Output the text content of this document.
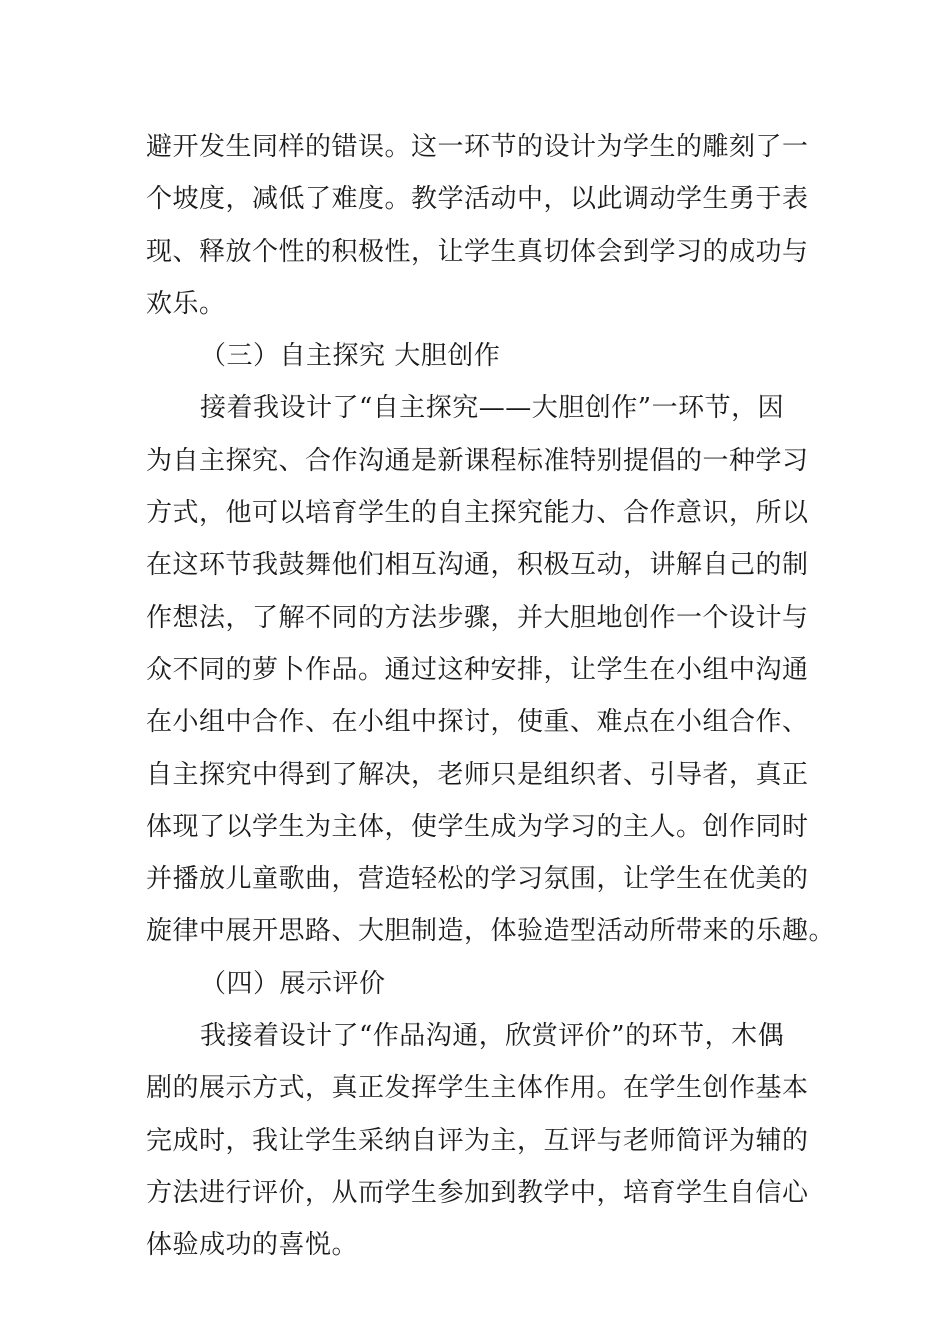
避开发生同样的错误。这一环节的设计为学生的雕刻了一
个坡度，减低了难度。教学活动中，以此调动学生勇于表
现、释放个性的积极性，让学生真切体会到学习的成功与
欢乐。
（三）自主探究 大胆创作
接着我设计了“自主探究——大胆创作”一环节，因
为自主探究、合作沟通是新课程标准特别提倡的一种学习
方式，他可以培育学生的自主探究能力、合作意识，所以
在这环节我鼓舞他们相互沟通，积极互动，讲解自己的制
作想法，了解不同的方法步骤，并大胆地创作一个设计与
众不同的萝卜作品。通过这种安排，让学生在小组中沟通
在小组中合作、在小组中探讨，使重、难点在小组合作、
自主探究中得到了解决，老师只是组织者、引导者，真正
体现了以学生为主体，使学生成为学习的主人。创作同时
并播放儿童歌曲，营造轻松的学习氛围，让学生在优美的
旋律中展开思路、大胆制造，体验造型活动所带来的乐趣。
（四）展示评价
我接着设计了“作品沟通，欣赏评价”的环节，木偶
剧的展示方式，真正发挥学生主体作用。在学生创作基本
完成时，我让学生采纳自评为主，互评与老师简评为辅的
方法进行评价，从而学生参加到教学中，培育学生自信心
体验成功的喜悦。
